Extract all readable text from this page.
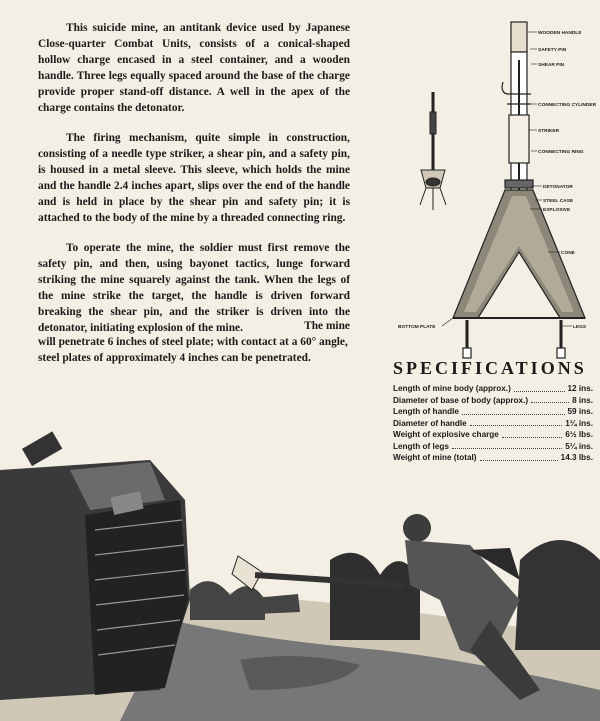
This suicide mine, an antitank device used by Japanese Close-quarter Combat Units, consists of a conical-shaped hollow charge encased in a steel container, and a wooden handle. Three legs equally spaced around the base of the charge provide proper stand-off distance. A well in the apex of the charge contains the detonator.

The firing mechanism, quite simple in construction, consisting of a needle type striker, a shear pin, and a safety pin, is housed in a metal sleeve. This sleeve, which holds the mine and the handle 2.4 inches apart, slips over the end of the handle and is held in place by the shear pin and safety pin; it is attached to the body of the mine by a threaded connecting ring.

To operate the mine, the soldier must first remove the safety pin, and then, using bayonet tactics, lunge forward striking the mine squarely against the tank. When the legs of the mine strike the target, the handle is driven forward breaking the shear pin, and the striker is driven into the detonator, initiating explosion of the mine.	The mine
will penetrate 6 inches of steel plate; with contact at a 60° angle, steel plates of approximately 4 inches can be penetrated.
WOODEN HANDLE
SAFETY PIN
SHEAR PIN
CONNECTING CYLINDER
STRIKER
CONNECTING RING
DETONATOR
STEEL CASE
EXPLOSIVE
CONE
BOTTOM PLATE	LEGS
SPECIFICATIONS
Length of mine body (approx.)	12 ins.
Diameter of base of body (approx.)	8 ins.
Length of handle	59 ins.
Diameter of handle	1¼ ins.
Weight of explosive charge	6½ lbs.
Length of legs	5¼ ins.
Weight of mine (total)	14.3 lbs.
